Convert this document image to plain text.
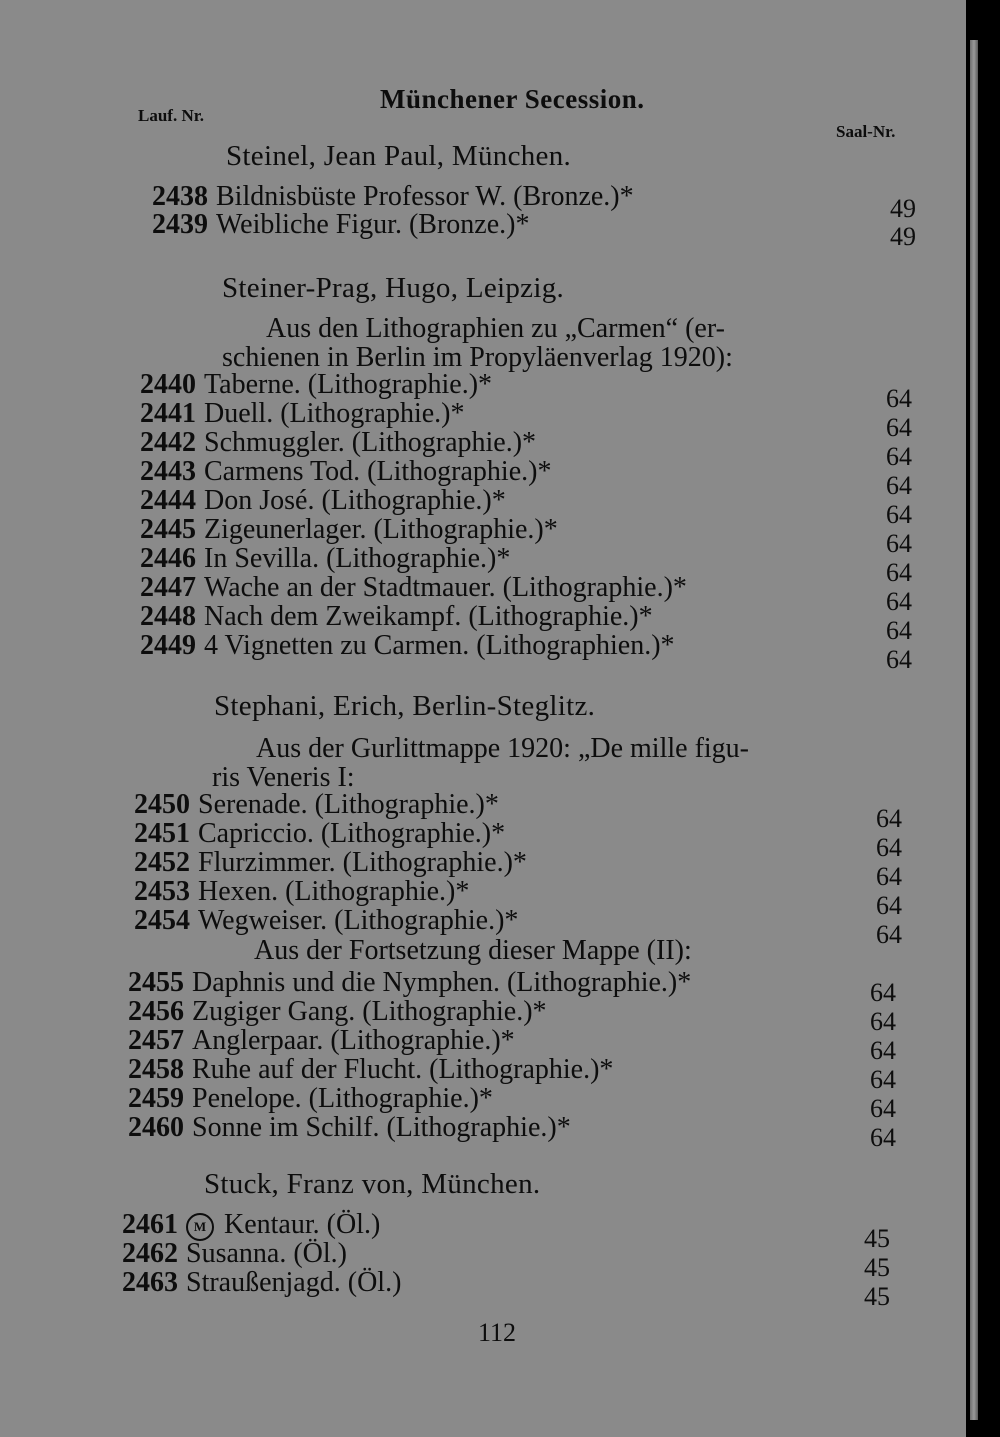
Münchener Secession.
Lauf. Nr.
Saal-Nr.
Steinel, Jean Paul, München.
2438 Bildnisbüste Professor W. (Bronze.)*	49
2439 Weibliche Figur. (Bronze.)*	49
Steiner-Prag, Hugo, Leipzig.
Aus den Lithographien zu „Carmen“ (er-
schienen in Berlin im Propyläenverlag 1920):
2440 Taberne. (Lithographie.)*	64
2441 Duell. (Lithographie.)*	64
2442 Schmuggler. (Lithographie.)*	64
2443 Carmens Tod. (Lithographie.)*	64
2444 Don José. (Lithographie.)*	64
2445 Zigeunerlager. (Lithographie.)*	64
2446 In Sevilla. (Lithographie.)*	64
2447 Wache an der Stadtmauer. (Lithographie.)*	64
2448 Nach dem Zweikampf. (Lithographie.)*	64
2449 4 Vignetten zu Carmen. (Lithographien.)*	64
Stephani, Erich, Berlin-Steglitz.
Aus der Gurlittmappe 1920: „De mille figu-
ris Veneris I:
2450 Serenade. (Lithographie.)*	64
2451 Capriccio. (Lithographie.)*	64
2452 Flurzimmer. (Lithographie.)*	64
2453 Hexen. (Lithographie.)*	64
2454 Wegweiser. (Lithographie.)*	64
Aus der Fortsetzung dieser Mappe (II):
2455 Daphnis und die Nymphen. (Lithographie.)*	64
2456 Zugiger Gang. (Lithographie.)*	64
2457 Anglerpaar. (Lithographie.)*	64
2458 Ruhe auf der Flucht. (Lithographie.)*	64
2459 Penelope. (Lithographie.)*	64
2460 Sonne im Schilf. (Lithographie.)*	64
Stuck, Franz von, München.
2461	M Kentaur. (Öl.)	45
2462 Susanna. (Öl.)	45
2463 Straußenjagd. (Öl.)	45
112
